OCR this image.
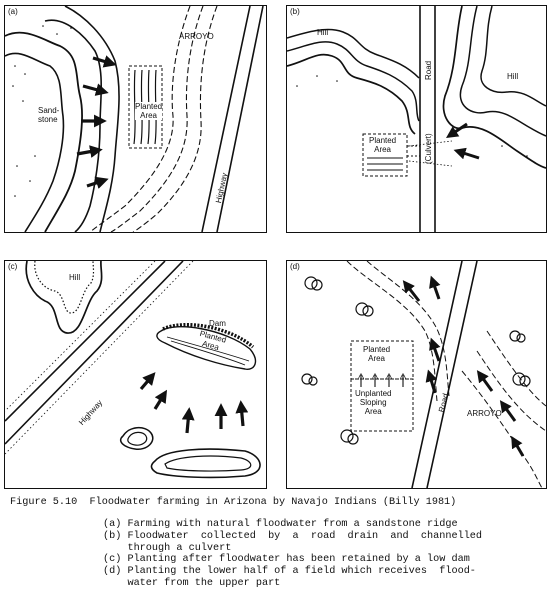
(a)
ARROYO
Sand-
stone
Planted
Area
Highway
(b)
Hill
Hill
Road
(Culvert)
Planted
Area
(c)
Hill
Highway
Dam
Planted
Area
(d)
Planted
Area
Unplanted
Sloping
Area	Road
ARROYO
Figure 5.10  Floodwater farming in Arizona by Navajo Indians (Billy 1981)
(a) Farming with natural floodwater from a sandstone ridge
(b) Floodwater  collected  by  a  road  drain  and  channelled
through a culvert
(c) Planting after floodwater has been retained by a low dam
(d) Planting the lower half of a field which receives  flood-
water from the upper part
